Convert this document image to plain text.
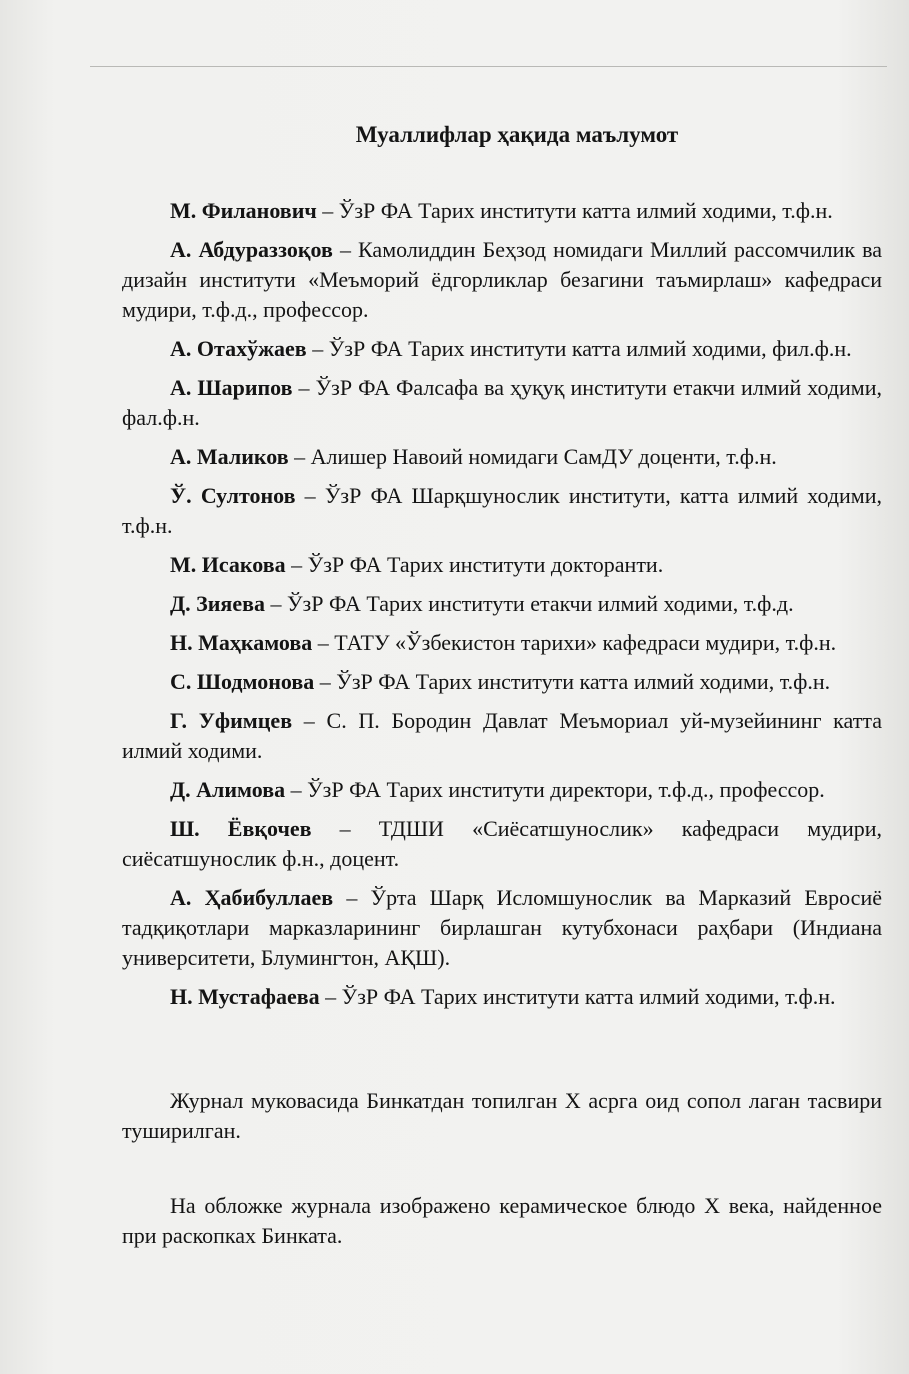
Муаллифлар ҳақида маълумот

М. Филанович – ЎзР ФА Тарих институти катта илмий ходими, т.ф.н.

А. Абдураззоқов – Камолиддин Беҳзод номидаги Миллий рассомчилик ва дизайн институти «Меъморий ёдгорликлар безагини таъмирлаш» кафедраси мудири, т.ф.д., профессор.

А. Отахўжаев – ЎзР ФА Тарих институти катта илмий ходими, фил.ф.н.

А. Шарипов – ЎзР ФА Фалсафа ва ҳуқуқ институти етакчи илмий ходими, фал.ф.н.

А. Маликов – Алишер Навоий номидаги СамДУ доценти, т.ф.н.

Ў. Султонов – ЎзР ФА Шарқшунослик институти, катта илмий ходими, т.ф.н.

М. Исакова – ЎзР ФА Тарих институти докторанти.

Д. Зияева – ЎзР ФА Тарих институти етакчи илмий ходими, т.ф.д.

Н. Маҳкамова – ТАТУ «Ўзбекистон тарихи» кафедраси мудири, т.ф.н.

С. Шодмонова – ЎзР ФА Тарих институти катта илмий ходими, т.ф.н.

Г. Уфимцев – С. П. Бородин Давлат Меъмориал уй-музейининг катта илмий ходими.

Д. Алимова – ЎзР ФА Тарих институти директори, т.ф.д., профессор.

Ш. Ёвқочев – ТДШИ «Сиёсатшунослик» кафедраси мудири, сиёсатшунослик ф.н., доцент.

А. Ҳабибуллаев – Ўрта Шарқ Исломшунослик ва Марказий Евросиё тадқиқотлари марказларининг бирлашган кутубхонаси раҳбари (Индиана университети, Блумингтон, АҚШ).

Н. Мустафаева – ЎзР ФА Тарих институти катта илмий ходими, т.ф.н.

Журнал муковасида Бинкатдан топилган X асрга оид сопол лаган тасвири туширилган.

На обложке журнала изображено керамическое блюдо X века, найденное при раскопках Бинката.
